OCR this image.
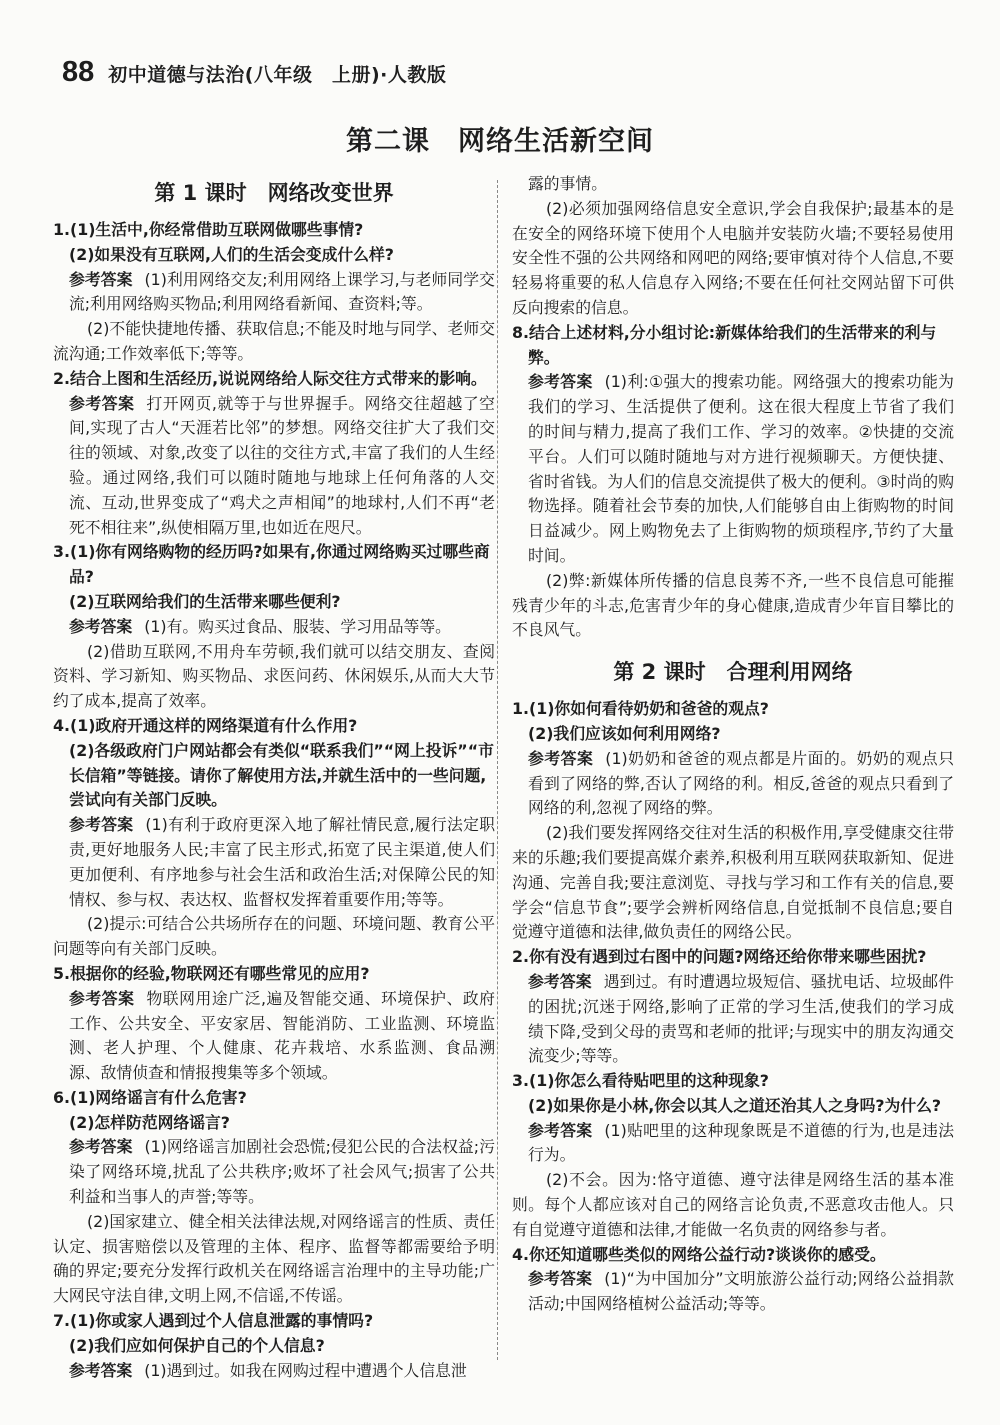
88 初中道德与法治(八年级　上册)·人教版
第二课　网络生活新空间
第 1 课时　网络改变世界

1.(1)生活中,你经常借助互联网做哪些事情?

(2)如果没有互联网,人们的生活会变成什么样?

参考答案 (1)利用网络交友;利用网络上课学习,与老师同学交流;利用网络购买物品;利用网络看新闻、查资料;等。

(2)不能快捷地传播、获取信息;不能及时地与同学、老师交流沟通;工作效率低下;等等。

2.结合上图和生活经历,说说网络给人际交往方式带来的影响。

参考答案 打开网页,就等于与世界握手。网络交往超越了空间,实现了古人“天涯若比邻”的梦想。网络交往扩大了我们交往的领域、对象,改变了以往的交往方式,丰富了我们的人生经验。通过网络,我们可以随时随地与地球上任何角落的人交流、互动,世界变成了“鸡犬之声相闻”的地球村,人们不再“老死不相往来”,纵使相隔万里,也如近在咫尺。

3.(1)你有网络购物的经历吗?如果有,你通过网络购买过哪些商品?

(2)互联网给我们的生活带来哪些便利?

参考答案 (1)有。购买过食品、服装、学习用品等等。

(2)借助互联网,不用舟车劳顿,我们就可以结交朋友、查阅资料、学习新知、购买物品、求医问药、休闲娱乐,从而大大节约了成本,提高了效率。

4.(1)政府开通这样的网络渠道有什么作用?

(2)各级政府门户网站都会有类似“联系我们”“网上投诉”“市长信箱”等链接。请你了解使用方法,并就生活中的一些问题,尝试向有关部门反映。

参考答案 (1)有利于政府更深入地了解社情民意,履行法定职责,更好地服务人民;丰富了民主形式,拓宽了民主渠道,使人们更加便利、有序地参与社会生活和政治生活;对保障公民的知情权、参与权、表达权、监督权发挥着重要作用;等等。

(2)提示:可结合公共场所存在的问题、环境问题、教育公平问题等向有关部门反映。

5.根据你的经验,物联网还有哪些常见的应用?

参考答案 物联网用途广泛,遍及智能交通、环境保护、政府工作、公共安全、平安家居、智能消防、工业监测、环境监测、老人护理、个人健康、花卉栽培、水系监测、食品溯源、敌情侦查和情报搜集等多个领域。

6.(1)网络谣言有什么危害?

(2)怎样防范网络谣言?

参考答案 (1)网络谣言加剧社会恐慌;侵犯公民的合法权益;污染了网络环境,扰乱了公共秩序;败坏了社会风气;损害了公共利益和当事人的声誉;等等。

(2)国家建立、健全相关法律法规,对网络谣言的性质、责任认定、损害赔偿以及管理的主体、程序、监督等都需要给予明确的界定;要充分发挥行政机关在网络谣言治理中的主导功能;广大网民守法自律,文明上网,不信谣,不传谣。

7.(1)你或家人遇到过个人信息泄露的事情吗?

(2)我们应如何保护自己的个人信息?

参考答案 (1)遇到过。如我在网购过程中遭遇个人信息泄

露的事情。

(2)必须加强网络信息安全意识,学会自我保护;最基本的是在安全的网络环境下使用个人电脑并安装防火墙;不要轻易使用安全性不强的公共网络和网吧的网络;要审慎对待个人信息,不要轻易将重要的私人信息存入网络;不要在任何社交网站留下可供反向搜索的信息。

8.结合上述材料,分小组讨论:新媒体给我们的生活带来的利与弊。

参考答案 (1)利:①强大的搜索功能。网络强大的搜索功能为我们的学习、生活提供了便利。这在很大程度上节省了我们的时间与精力,提高了我们工作、学习的效率。②快捷的交流平台。人们可以随时随地与对方进行视频聊天。方便快捷、省时省钱。为人们的信息交流提供了极大的便利。③时尚的购物选择。随着社会节奏的加快,人们能够自由上街购物的时间日益减少。网上购物免去了上街购物的烦琐程序,节约了大量时间。

(2)弊:新媒体所传播的信息良莠不齐,一些不良信息可能摧残青少年的斗志,危害青少年的身心健康,造成青少年盲目攀比的不良风气。

第 2 课时　合理利用网络

1.(1)你如何看待奶奶和爸爸的观点?

(2)我们应该如何利用网络?

参考答案 (1)奶奶和爸爸的观点都是片面的。奶奶的观点只看到了网络的弊,否认了网络的利。相反,爸爸的观点只看到了网络的利,忽视了网络的弊。

(2)我们要发挥网络交往对生活的积极作用,享受健康交往带来的乐趣;我们要提高媒介素养,积极利用互联网获取新知、促进沟通、完善自我;要注意浏览、寻找与学习和工作有关的信息,要学会“信息节食”;要学会辨析网络信息,自觉抵制不良信息;要自觉遵守道德和法律,做负责任的网络公民。

2.你有没有遇到过右图中的问题?网络还给你带来哪些困扰?

参考答案 遇到过。有时遭遇垃圾短信、骚扰电话、垃圾邮件的困扰;沉迷于网络,影响了正常的学习生活,使我们的学习成绩下降,受到父母的责骂和老师的批评;与现实中的朋友沟通交流变少;等等。

3.(1)你怎么看待贴吧里的这种现象?

(2)如果你是小林,你会以其人之道还治其人之身吗?为什么?

参考答案 (1)贴吧里的这种现象既是不道德的行为,也是违法行为。

(2)不会。因为:恪守道德、遵守法律是网络生活的基本准则。每个人都应该对自己的网络言论负责,不恶意攻击他人。只有自觉遵守道德和法律,才能做一名负责的网络参与者。

4.你还知道哪些类似的网络公益行动?谈谈你的感受。

参考答案 (1)“为中国加分”文明旅游公益行动;网络公益捐款活动;中国网络植树公益活动;等等。
